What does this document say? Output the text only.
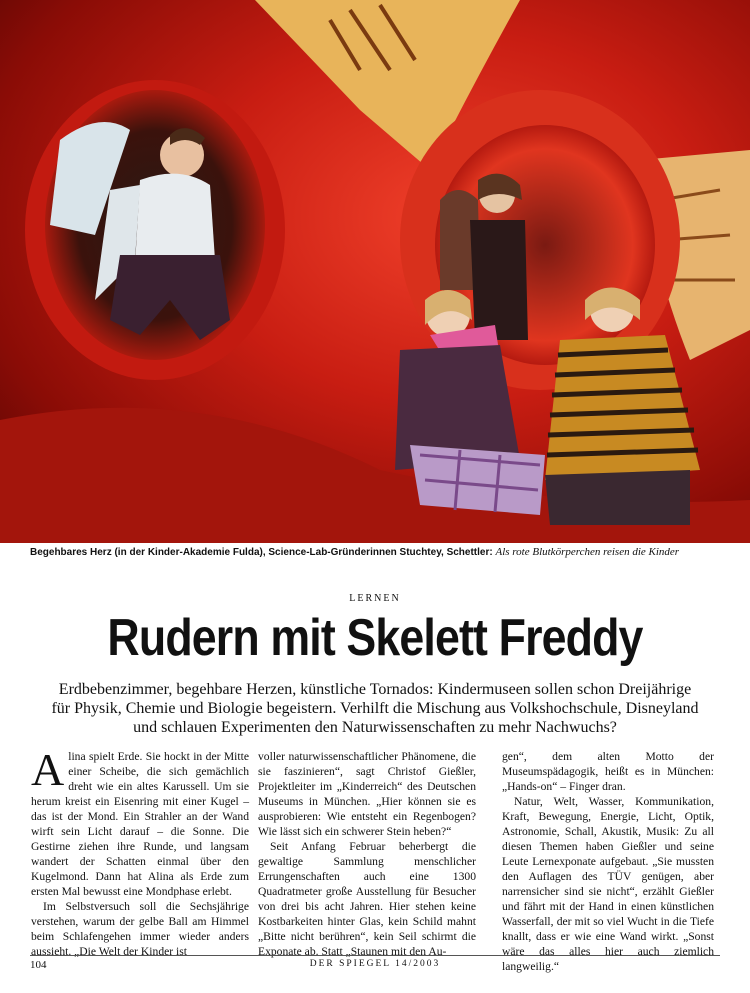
Begehbares Herz (in der Kinder-Akademie Fulda), Science-Lab-Gründerinnen Stuchtey, Schettler: Als rote Blutkörperchen reisen die Kinder
LERNEN
Rudern mit Skelett Freddy
Erdbebenzimmer, begehbare Herzen, künstliche Tornados: Kindermuseen sollen schon Dreijährige für Physik, Chemie und Biologie begeistern. Verhilft die Mischung aus Volkshochschule, Disneyland und schlauen Experimenten den Naturwissenschaften zu mehr Nachwuchs?

Alina spielt Erde. Sie hockt in der Mitte einer Scheibe, die sich gemächlich dreht wie ein altes Karussell. Um sie herum kreist ein Eisenring mit einer Kugel – das ist der Mond. Ein Strahler an der Wand wirft sein Licht darauf – die Sonne. Die Gestirne ziehen ihre Runde, und langsam wandert der Schatten einmal über den Kugelmond. Dann hat Alina als Erde zum ersten Mal bewusst eine Mondphase erlebt.

Im Selbstversuch soll die Sechsjährige verstehen, warum der gelbe Ball am Himmel beim Schlafengehen immer wieder anders aussieht. „Die Welt der Kinder ist

voller naturwissenschaftlicher Phänomene, die sie faszinieren“, sagt Christof Gießler, Projektleiter im „Kinderreich“ des Deutschen Museums in München. „Hier können sie es ausprobieren: Wie entsteht ein Regenbogen? Wie lässt sich ein schwerer Stein heben?“

Seit Anfang Februar beherbergt die gewaltige Sammlung menschlicher Errungenschaften auch eine 1300 Quadratmeter große Ausstellung für Besucher von drei bis acht Jahren. Hier stehen keine Kostbarkeiten hinter Glas, kein Schild mahnt „Bitte nicht berühren“, kein Seil schirmt die Exponate ab. Statt „Staunen mit den Au-

gen“, dem alten Motto der Museumspädagogik, heißt es in München: „Hands-on“ – Finger dran.

Natur, Welt, Wasser, Kommunikation, Kraft, Bewegung, Energie, Licht, Optik, Astronomie, Schall, Akustik, Musik: Zu all diesen Themen haben Gießler und seine Leute Lernexponate aufgebaut. „Sie mussten den Auflagen des TÜV genügen, aber narrensicher sind sie nicht“, erzählt Gießler und fährt mit der Hand in einen künstlichen Wasserfall, der mit so viel Wucht in die Tiefe knallt, dass er wie eine Wand wirkt. „Sonst wäre das alles hier auch ziemlich langweilig.“

104	DER SPIEGEL 14/2003
